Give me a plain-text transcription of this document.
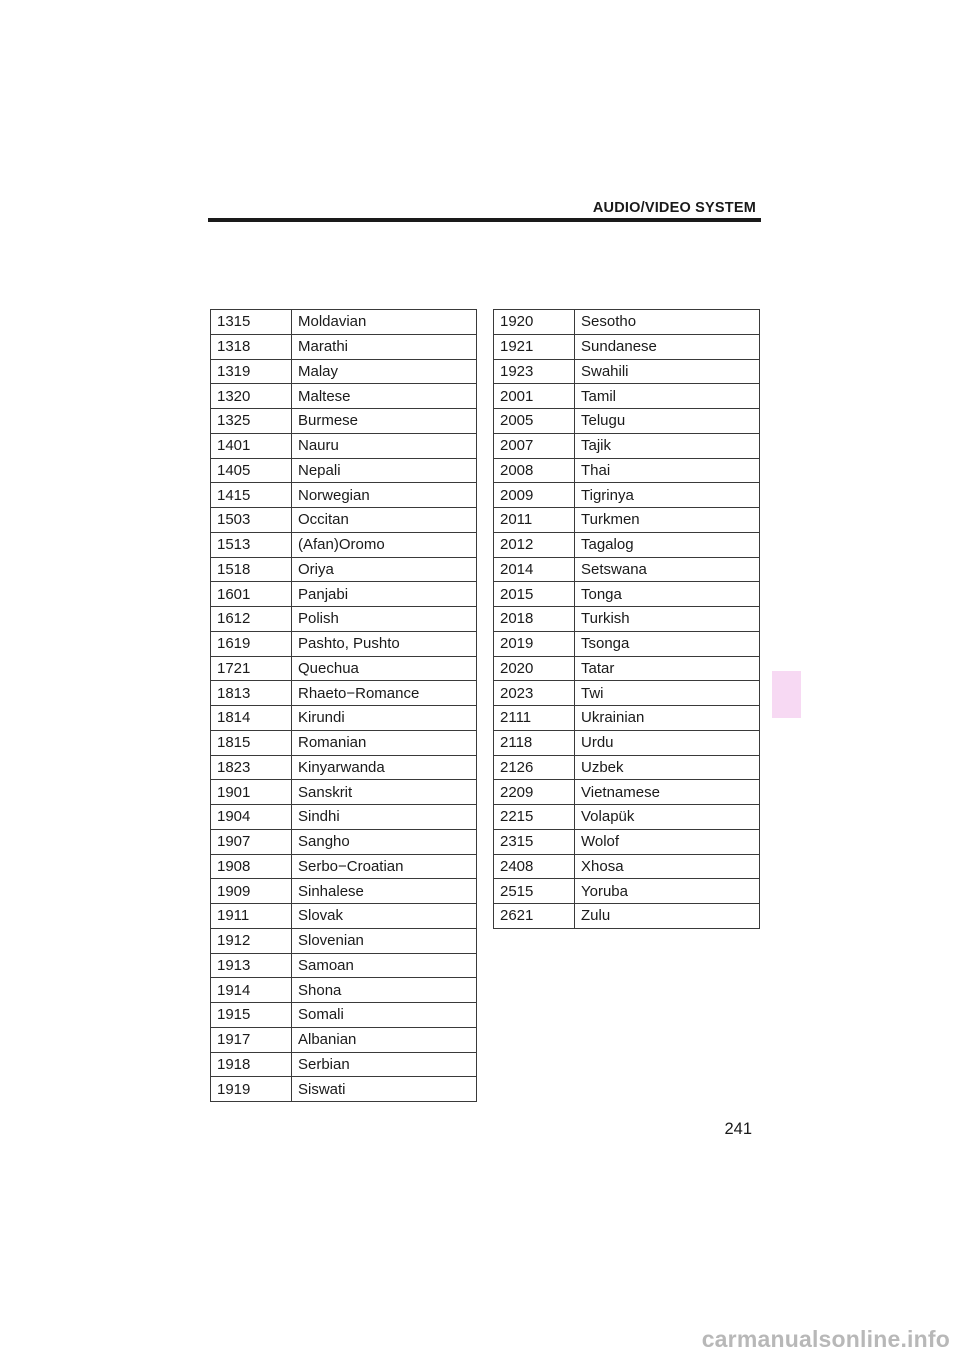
AUDIO/VIDEO SYSTEM
1315	Moldavian
1318	Marathi
1319	Malay
1320	Maltese
1325	Burmese
1401	Nauru
1405	Nepali
1415	Norwegian
1503	Occitan
1513	(Afan)Oromo
1518	Oriya
1601	Panjabi
1612	Polish
1619	Pashto, Pushto
1721	Quechua
1813	Rhaeto−Romance
1814	Kirundi
1815	Romanian
1823	Kinyarwanda
1901	Sanskrit
1904	Sindhi
1907	Sangho
1908	Serbo−Croatian
1909	Sinhalese
1911	Slovak
1912	Slovenian
1913	Samoan
1914	Shona
1915	Somali
1917	Albanian
1918	Serbian
1919	Siswati
1920	Sesotho
1921	Sundanese
1923	Swahili
2001	Tamil
2005	Telugu
2007	Tajik
2008	Thai
2009	Tigrinya
2011	Turkmen
2012	Tagalog
2014	Setswana
2015	Tonga
2018	Turkish
2019	Tsonga
2020	Tatar
2023	Twi
2111	Ukrainian
2118	Urdu
2126	Uzbek
2209	Vietnamese
2215	Volapük
2315	Wolof
2408	Xhosa
2515	Yoruba
2621	Zulu
241
carmanualsonline.info
